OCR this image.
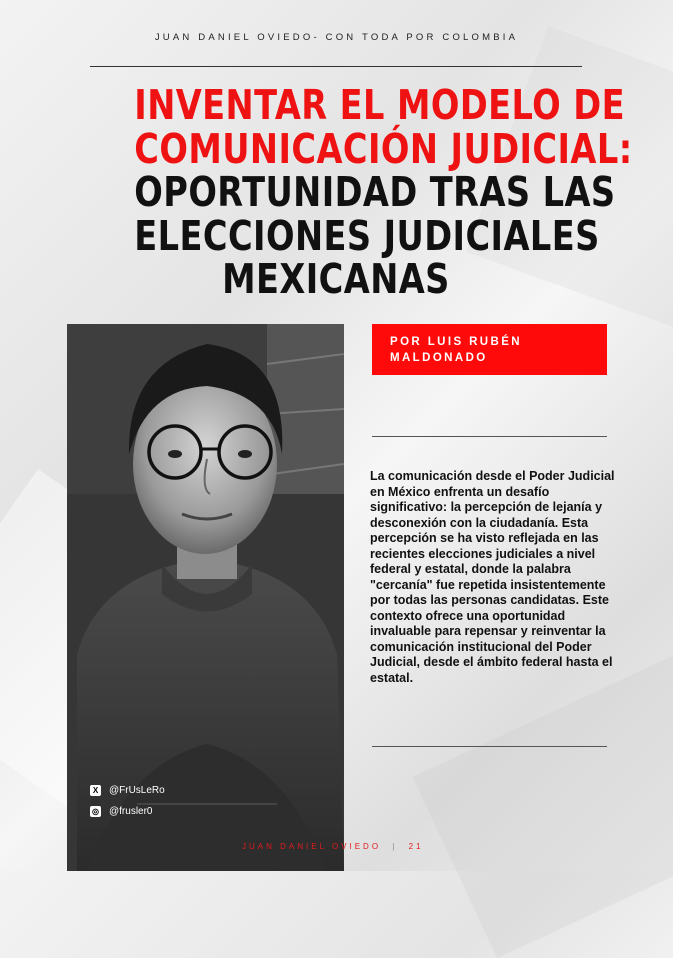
JUAN DANIEL OVIEDO- CON TODA POR COLOMBIA
INVENTAR EL MODELO DE
COMUNICACIÓN JUDICIAL:
OPORTUNIDAD TRAS LAS
ELECCIONES JUDICIALES
MEXICANAS
X @FrUsLeRo
◎ @frusler0
POR LUIS RUBÉN
MALDONADO
La comunicación desde el Poder Judicial en México enfrenta un desafío significativo: la percepción de lejanía y desconexión con la ciudadanía. Esta percepción se ha visto reflejada en las recientes elecciones judiciales a nivel federal y estatal, donde la palabra "cercanía" fue repetida insistentemente por todas las personas candidatas. Este contexto ofrece una oportunidad invaluable para repensar y reinventar la comunicación institucional del Poder Judicial, desde el ámbito federal hasta el estatal.
JUAN DANIEL OVIEDO | 21
